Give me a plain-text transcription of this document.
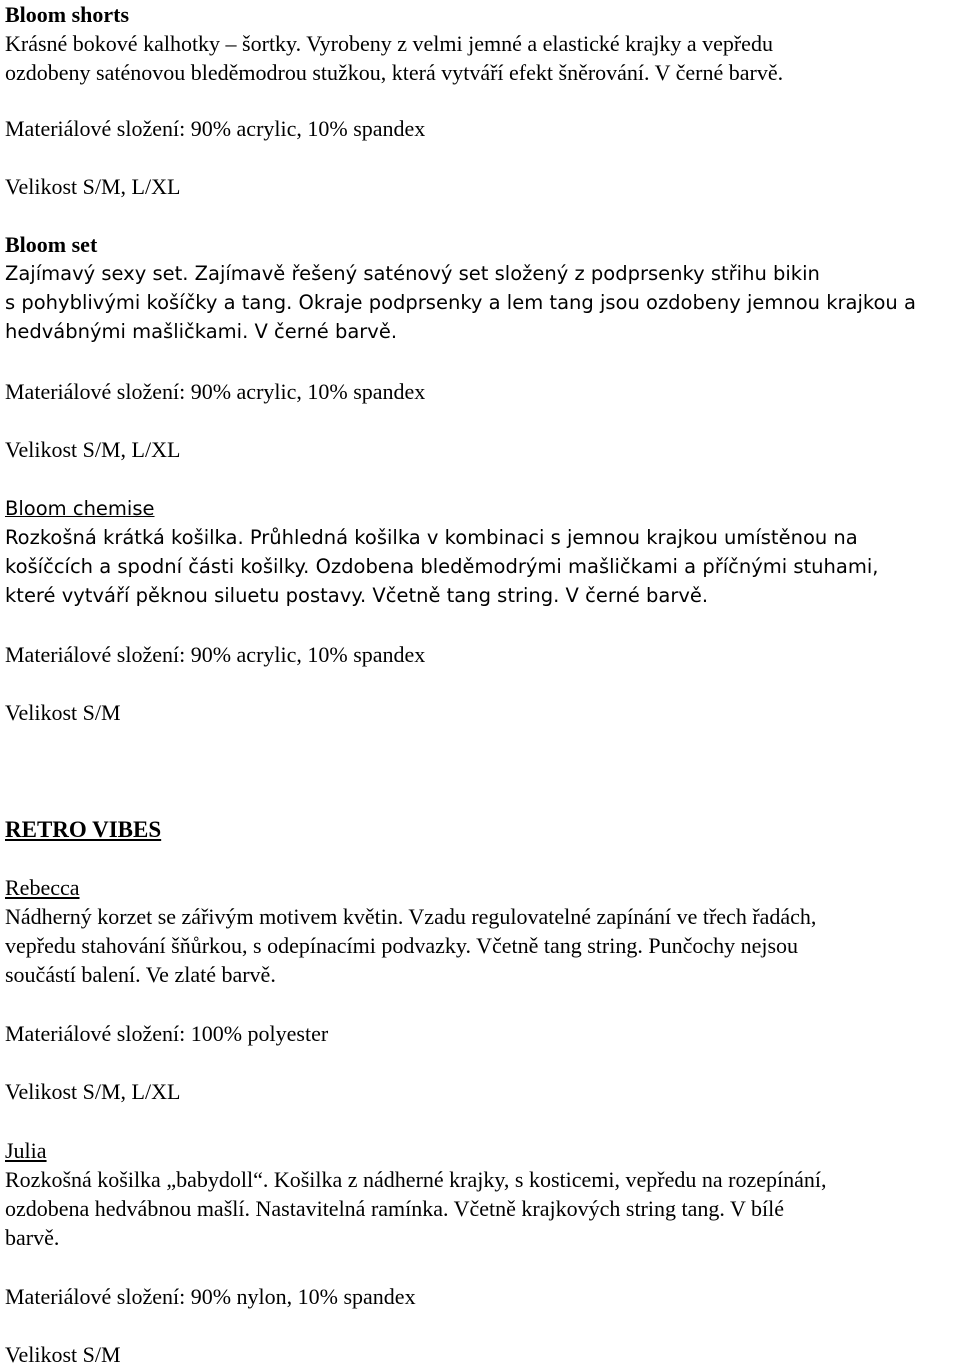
Bloom shorts

Krásné bokové kalhotky – šortky. Vyrobeny z velmi jemné a elastické krajky a vepředu

ozdobeny saténovou bleděmodrou stužkou, která vytváří efekt šněrování. V černé barvě.

Materiálové složení: 90% acrylic, 10% spandex

Velikost S/M, L/XL

Bloom set

Zajímavý sexy set. Zajímavě řešený saténový set složený z podprsenky střihu bikin

s pohyblivými košíčky a tang. Okraje podprsenky a lem tang jsou ozdobeny jemnou krajkou a

hedvábnými mašličkami. V černé barvě.

Materiálové složení: 90% acrylic, 10% spandex

Velikost S/M, L/XL

Bloom chemise

Rozkošná krátká košilka. Průhledná košilka v kombinaci s jemnou krajkou umístěnou na

košíčcích a spodní části košilky. Ozdobena bleděmodrými mašličkami a příčnými stuhami,

které vytváří pěknou siluetu postavy. Včetně tang string. V černé barvě.

Materiálové složení: 90% acrylic, 10% spandex

Velikost S/M

RETRO VIBES

Rebecca

Nádherný korzet se zářivým motivem květin. Vzadu regulovatelné zapínání ve třech řadách,

vepředu stahování šňůrkou, s odepínacími podvazky. Včetně tang string. Punčochy nejsou

součástí balení. Ve zlaté barvě.

Materiálové složení: 100% polyester

Velikost S/M, L/XL

Julia

Rozkošná košilka „babydoll“. Košilka z nádherné krajky, s kosticemi, vepředu na rozepínání,

ozdobena hedvábnou mašlí. Nastavitelná ramínka. Včetně krajkových string tang. V bílé

barvě.

Materiálové složení: 90% nylon, 10% spandex

Velikost S/M
